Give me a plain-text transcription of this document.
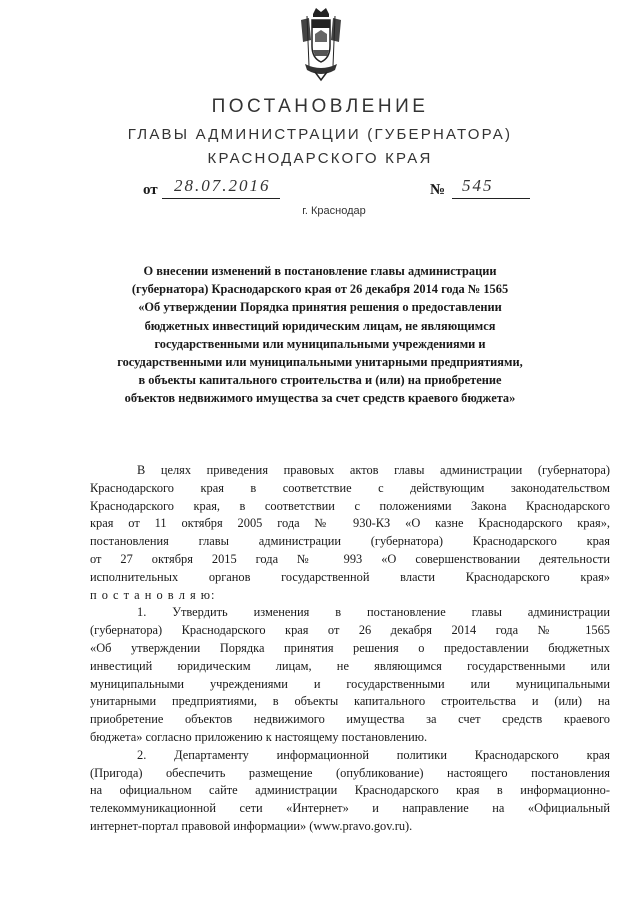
ПОСТАНОВЛЕНИЕ
ГЛАВЫ АДМИНИСТРАЦИИ (ГУБЕРНАТОРА)
КРАСНОДАРСКОГО КРАЯ
от 28.07.2016	№ 545
г. Краснодар
О внесении изменений в постановление главы администрации
(губернатора) Краснодарского края от 26 декабря 2014 года № 1565
«Об утверждении Порядка принятия решения о предоставлении
бюджетных инвестиций юридическим лицам, не являющимся
государственными или муниципальными учреждениями и
государственными или муниципальными унитарными предприятиями,
в объекты капитального строительства и (или) на приобретение
объектов недвижимого имущества за счет средств краевого бюджета»
В целях приведения правовых актов главы администрации (губернатора)
Краснодарского края в соответствие с действующим законодательством
Краснодарского края, в соответствии с положениями Закона Краснодарского
края от 11 октября 2005 года № 930-КЗ «О казне Краснодарского края»,
постановления главы администрации (губернатора) Краснодарского края
от 27 октября 2015 года № 993 «О совершенствовании деятельности
исполнительных органов государственной власти Краснодарского края»
п о с т а н о в л я ю:
1. Утвердить изменения в постановление главы администрации
(губернатора) Краснодарского края от 26 декабря 2014 года № 1565
«Об утверждении Порядка принятия решения о предоставлении бюджетных
инвестиций юридическим лицам, не являющимся государственными или
муниципальными учреждениями и государственными или муниципальными
унитарными предприятиями, в объекты капитального строительства и (или) на
приобретение объектов недвижимого имущества за счет средств краевого
бюджета» согласно приложению к настоящему постановлению.
2. Департаменту информационной политики Краснодарского края
(Пригода) обеспечить размещение (опубликование) настоящего постановления
на официальном сайте администрации Краснодарского края в информационно-
телекоммуникационной сети «Интернет» и направление на «Официальный
интернет-портал правовой информации» (www.pravo.gov.ru).
